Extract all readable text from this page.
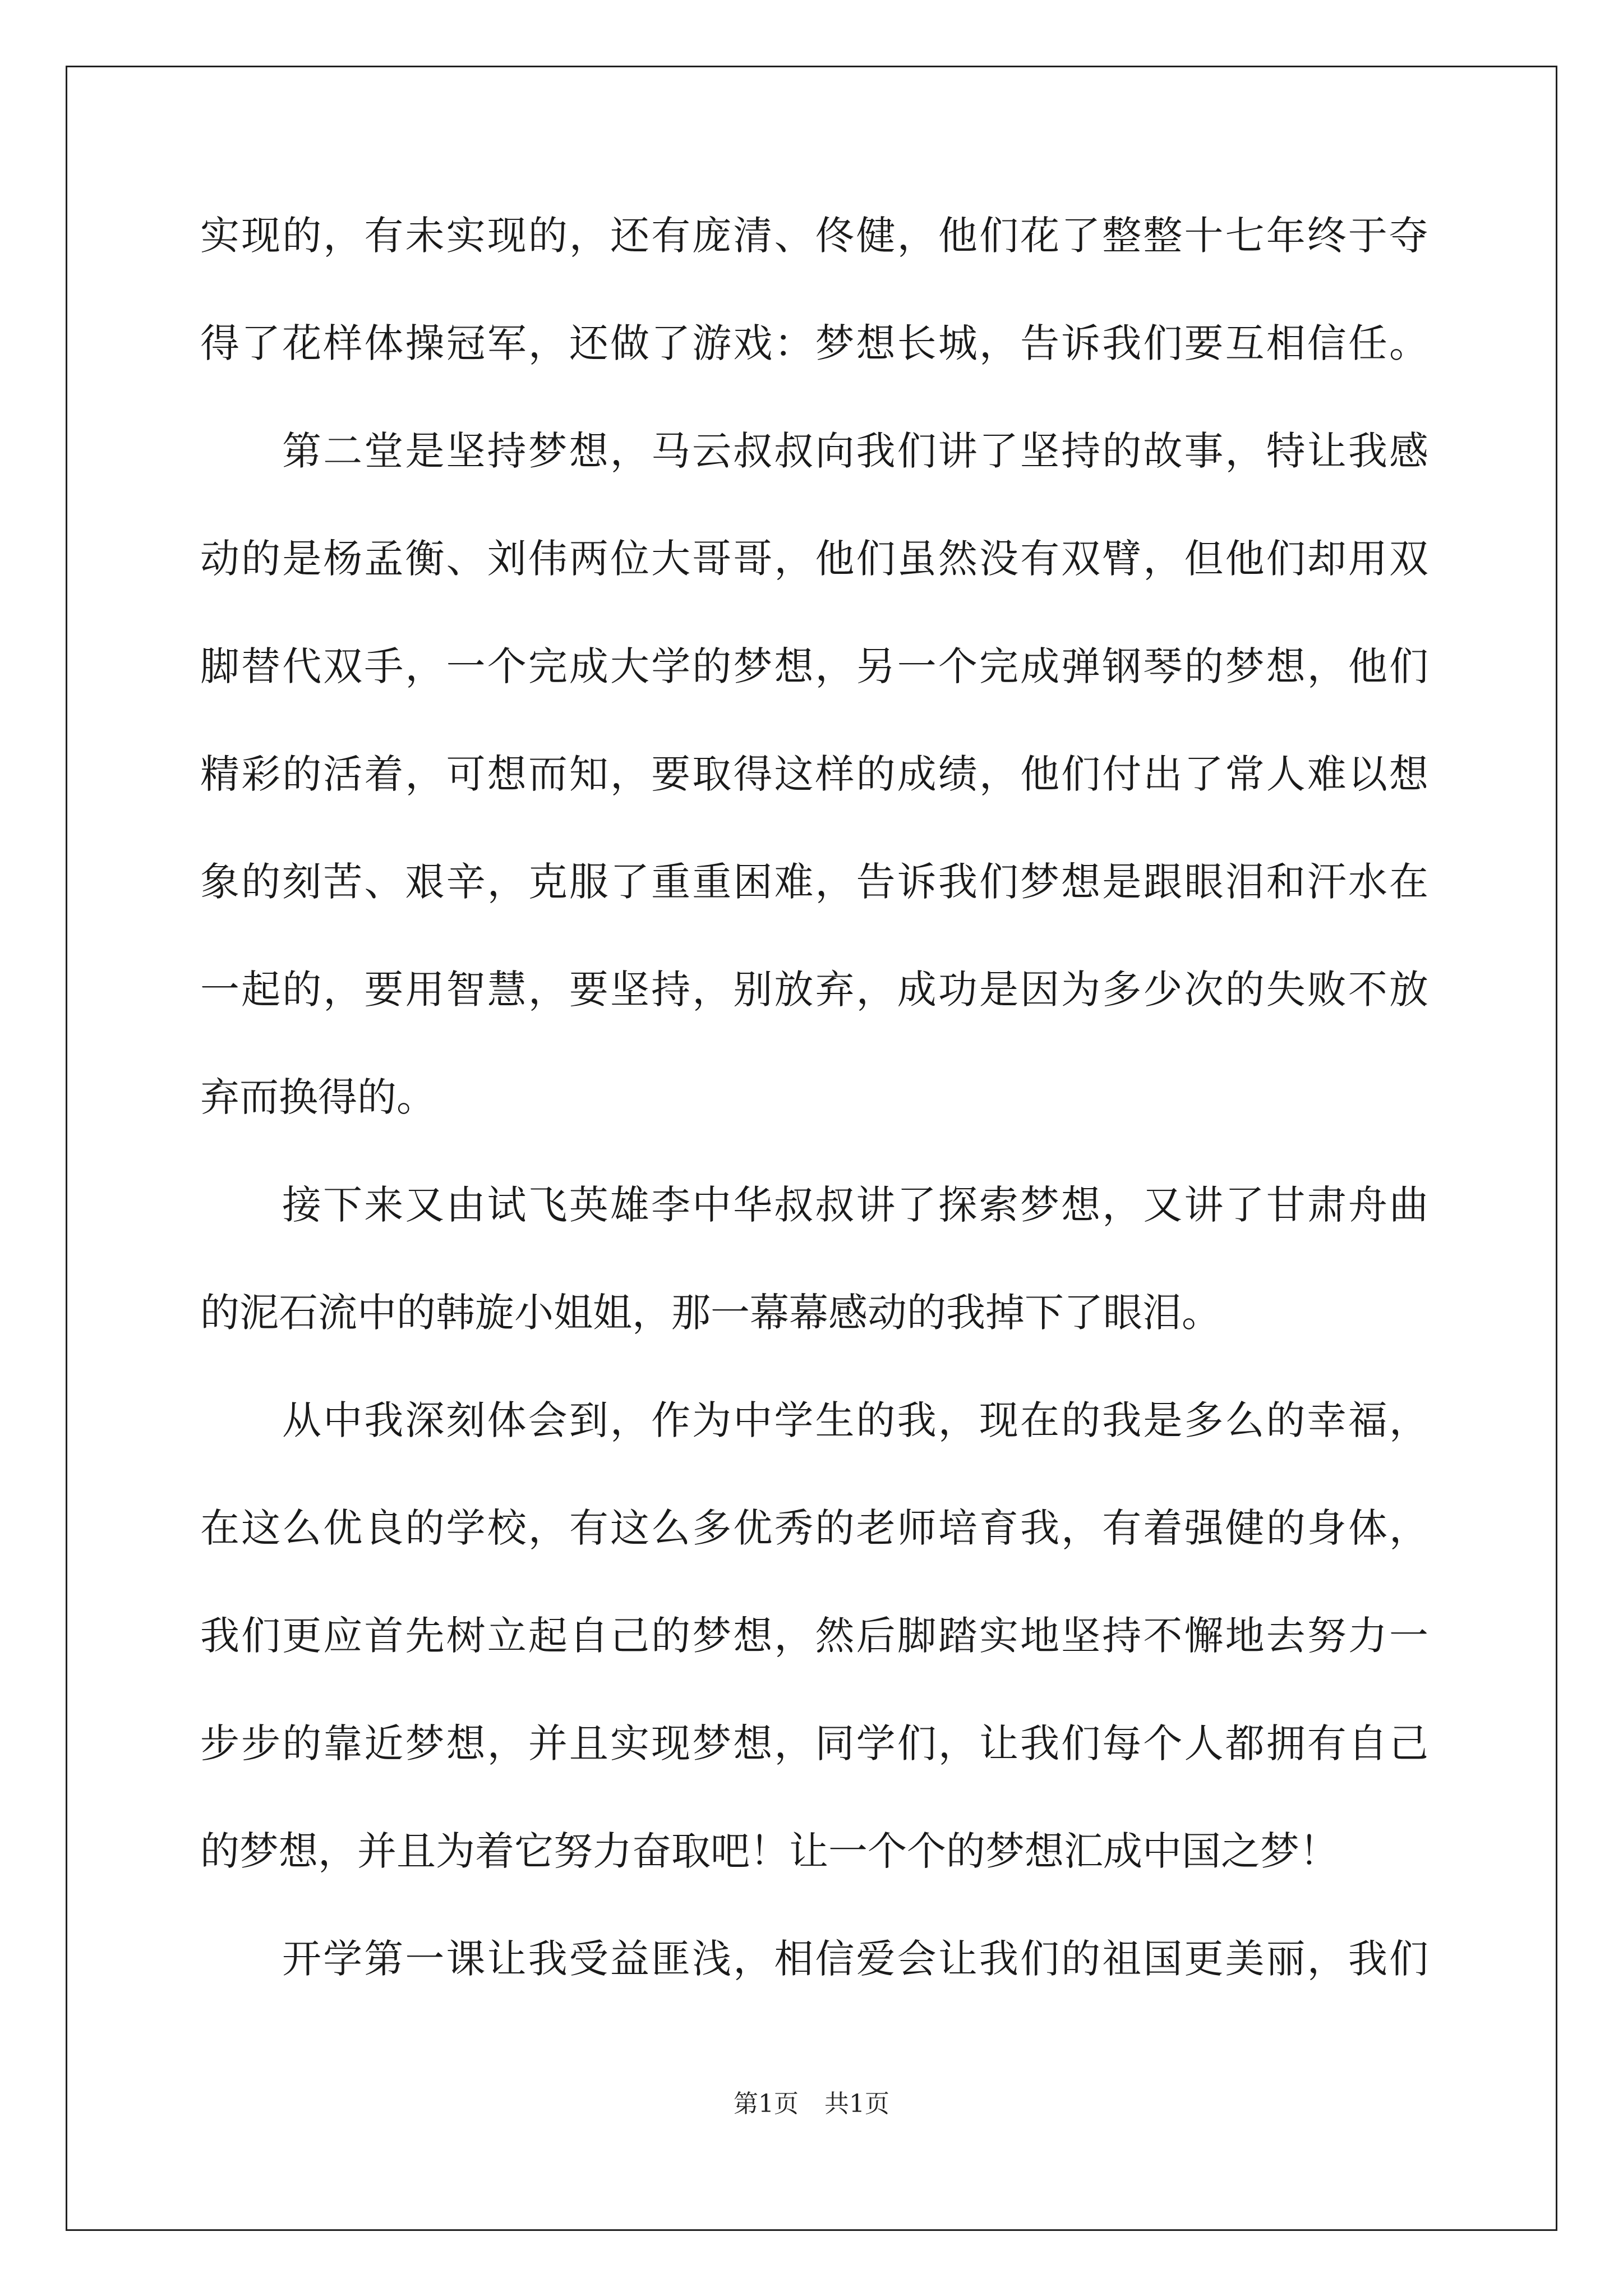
实现的，有未实现的，还有庞清、佟健，他们花了整整十七年终于夺
得了花样体操冠军，还做了游戏：梦想长城，告诉我们要互相信任。
第二堂是坚持梦想，马云叔叔向我们讲了坚持的故事，特让我感
动的是杨孟衡、刘伟两位大哥哥，他们虽然没有双臂，但他们却用双
脚替代双手，一个完成大学的梦想，另一个完成弹钢琴的梦想，他们
精彩的活着，可想而知，要取得这样的成绩，他们付出了常人难以想
象的刻苦、艰辛，克服了重重困难，告诉我们梦想是跟眼泪和汗水在
一起的，要用智慧，要坚持，别放弃，成功是因为多少次的失败不放
弃而换得的。
接下来又由试飞英雄李中华叔叔讲了探索梦想，又讲了甘肃舟曲
的泥石流中的韩旋小姐姐，那一幕幕感动的我掉下了眼泪。
从中我深刻体会到，作为中学生的我，现在的我是多么的幸福，
在这么优良的学校，有这么多优秀的老师培育我，有着强健的身体，
我们更应首先树立起自己的梦想，然后脚踏实地坚持不懈地去努力一
步步的靠近梦想，并且实现梦想，同学们，让我们每个人都拥有自己
的梦想，并且为着它努力奋取吧！让一个个的梦想汇成中国之梦！
开学第一课让我受益匪浅，相信爱会让我们的祖国更美丽，我们
第1页 共1页
